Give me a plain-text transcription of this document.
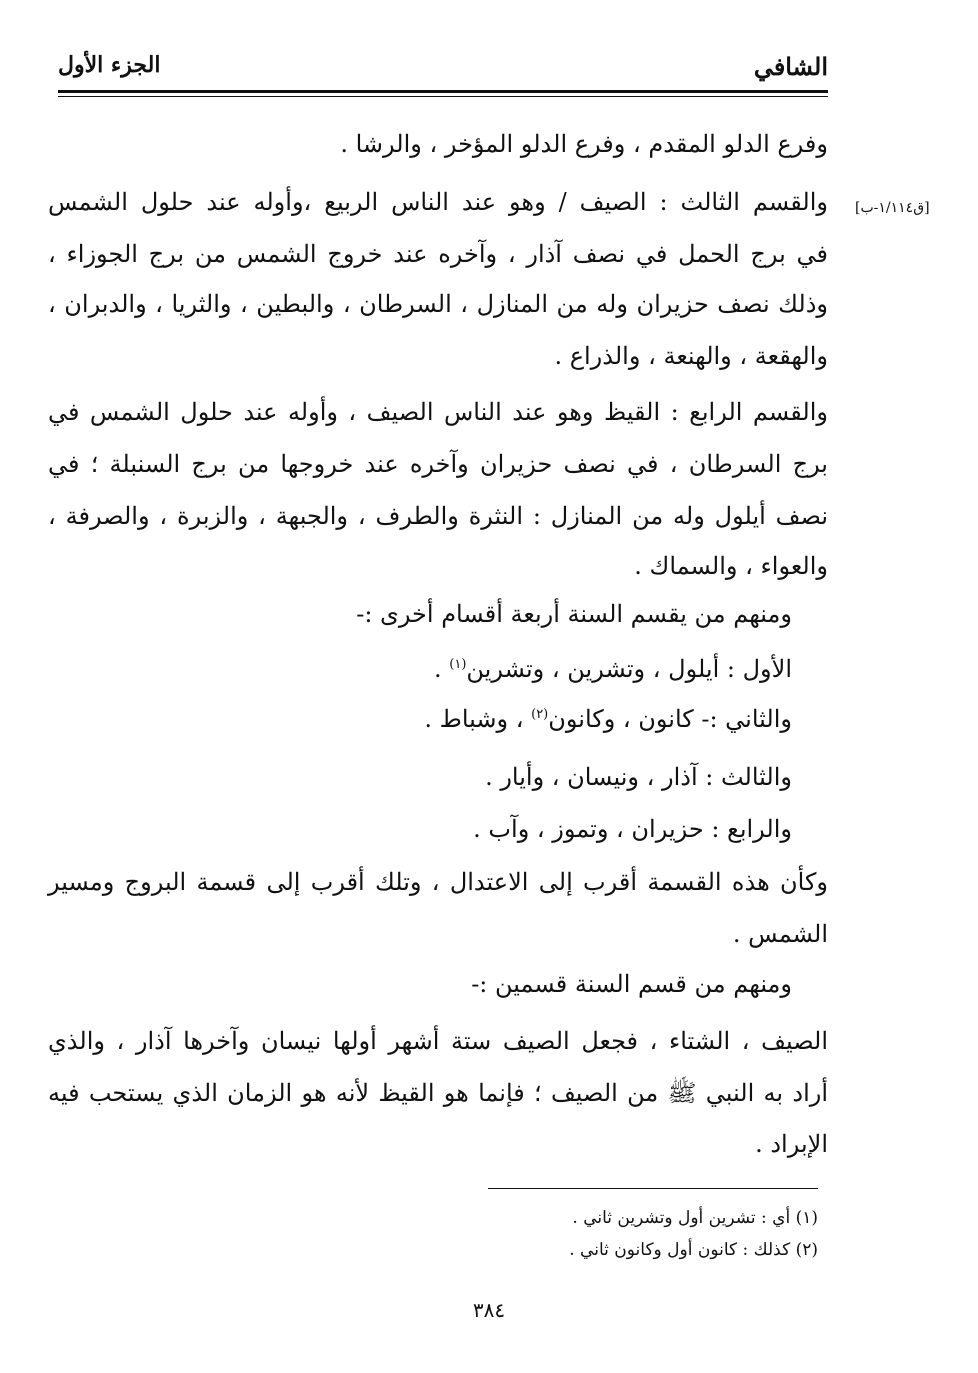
الشافي
الجزء الأول
[ق١/١١٤-ب]
وفرع الدلو المقدم ، وفرع الدلو المؤخر ، والرشا .
والقسم الثالث : الصيف / وهو عند الناس الربيع ،وأوله عند حلول الشمس
في برج الحمل في نصف آذار ، وآخره عند خروج الشمس من برج الجوزاء ،
وذلك نصف حزيران وله من المنازل ، السرطان ، والبطين ، والثريا ، والدبران ،
والهقعة ، والهنعة ، والذراع .
والقسم الرابع : القيظ وهو عند الناس الصيف ، وأوله عند حلول الشمس في
برج السرطان ، في نصف حزيران وآخره عند خروجها من برج السنبلة ؛ في
نصف أيلول وله من المنازل : النثرة والطرف ، والجبهة ، والزبرة ، والصرفة ،
والعواء ، والسماك .
ومنهم من يقسم السنة أربعة أقسام أخرى :-
الأول : أيلول ، وتشرين ، وتشرين$^{(١)}$ .
والثاني :- كانون ، وكانون$^{(٢)}$ ، وشباط .
والثالث : آذار ، ونيسان ، وأيار .
والرابع : حزيران ، وتموز ، وآب .
وكأن هذه القسمة أقرب إلى الاعتدال ، وتلك أقرب إلى قسمة البروج ومسير
الشمس .
ومنهم من قسم السنة قسمين :-
الصيف ، الشتاء ، فجعل الصيف ستة أشهر أولها نيسان وآخرها آذار ، والذي
أراد به النبي ﷺ من الصيف ؛ فإنما هو القيظ لأنه هو الزمان الذي يستحب فيه
الإبراد .
(١) أي : تشرين أول وتشرين ثاني .
(٢) كذلك : كانون أول وكانون ثاني .
٣٨٤
